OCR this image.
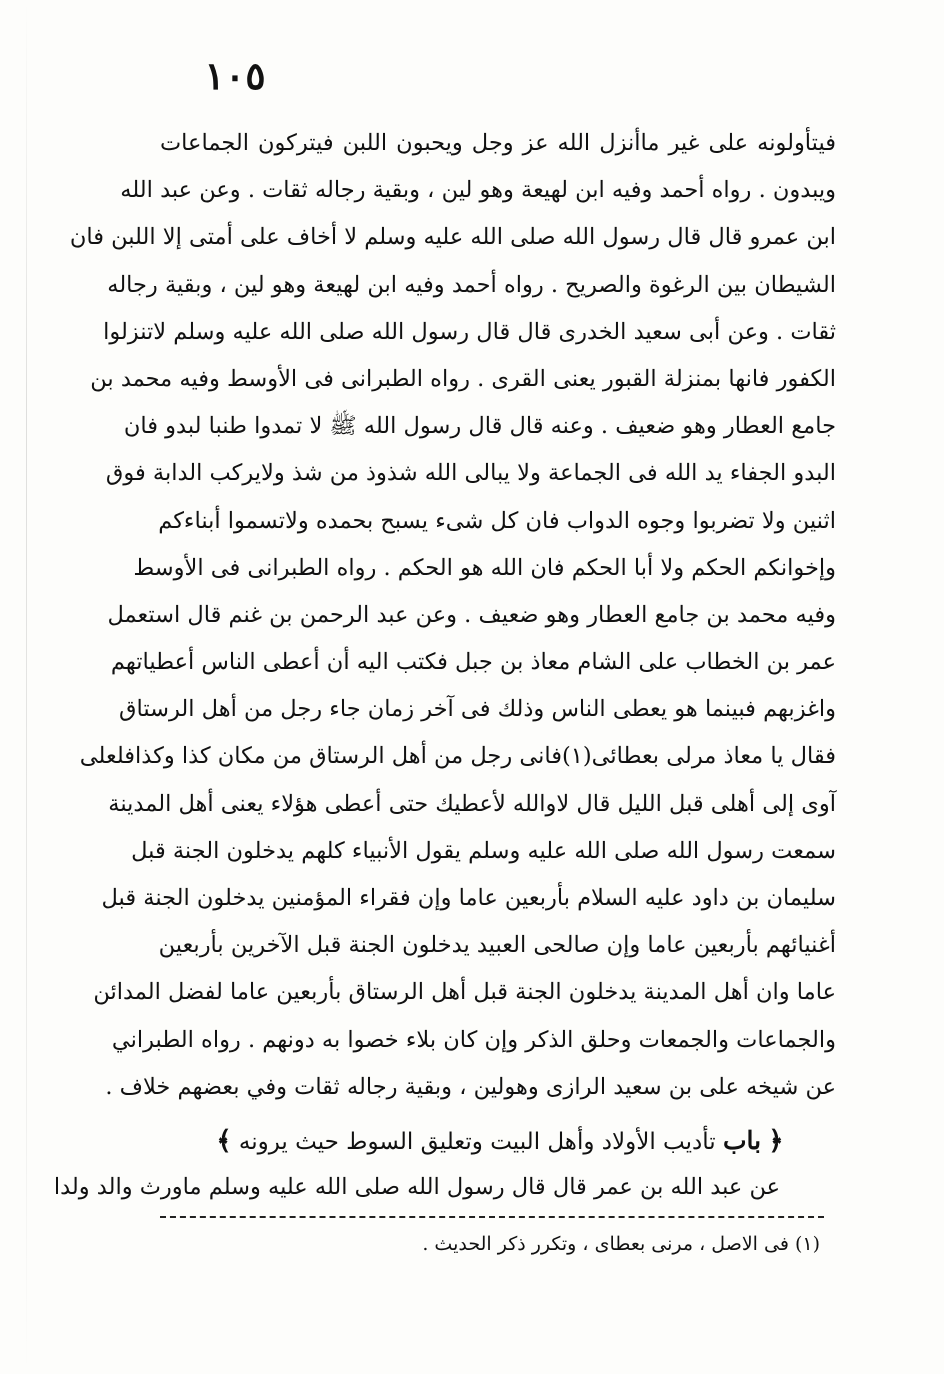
١٠٥
فيتأولونه على غير ماأنزل الله عز وجل ويحبون اللبن فيتركون الجماعات
ويبدون . رواه أحمد وفيه ابن لهيعة وهو لين ، وبقية رجاله ثقات . وعن عبد الله
ابن عمرو قال قال رسول الله صلى الله عليه وسلم لا أخاف على أمتى إلا اللبن فان
الشيطان بين الرغوة والصريح . رواه أحمد وفيه ابن لهيعة وهو لين ، وبقية رجاله
ثقات . وعن أبى سعيد الخدرى قال قال رسول الله صلى الله عليه وسلم لاتنزلوا
الكفور فانها بمنزلة القبور يعنى القرى . رواه الطبرانى فى الأوسط وفيه محمد بن
جامع العطار وهو ضعيف . وعنه قال قال رسول الله ﷺ لا تمدوا طنبا لبدو فان
البدو الجفاء يد الله فى الجماعة ولا يبالى الله شذوذ من شذ ولايركب الدابة فوق
اثنين ولا تضربوا وجوه الدواب فان كل شىء يسبح بحمده ولاتسموا أبناءكم
وإخوانكم الحكم ولا أبا الحكم فان الله هو الحكم . رواه الطبرانى فى الأوسط
وفيه محمد بن جامع العطار وهو ضعيف . وعن عبد الرحمن بن غنم قال استعمل
عمر بن الخطاب على الشام معاذ بن جبل فكتب اليه أن أعطى الناس أعطياتهم
واغزبهم فبينما هو يعطى الناس وذلك فى آخر زمان جاء رجل من أهل الرستاق
فقال يا معاذ مرلى بعطائى(١)فانى رجل من أهل الرستاق من مكان كذا وكذافلعلى
آوى إلى أهلى قبل الليل قال لاوالله لأعطيك حتى أعطى هؤلاء يعنى أهل المدينة
سمعت رسول الله صلى الله عليه وسلم يقول الأنبياء كلهم يدخلون الجنة قبل
سليمان بن داود عليه السلام بأربعين عاما وإن فقراء المؤمنين يدخلون الجنة قبل
أغنيائهم بأربعين عاما وإن صالحى العبيد يدخلون الجنة قبل الآخرين بأربعين
عاما وان أهل المدينة يدخلون الجنة قبل أهل الرستاق بأربعين عاما لفضل المدائن
والجماعات والجمعات وحلق الذكر وإن كان بلاء خصوا به دونهم . رواه الطبراني
عن شيخه على بن سعيد الرازى وهولين ، وبقية رجاله ثقات وفي بعضهم خلاف .
﴿ باب تأديب الأولاد وأهل البيت وتعليق السوط حيث يرونه ﴾
عن عبد الله بن عمر قال قال رسول الله صلى الله عليه وسلم ماورث والد ولدا
(١) فى الاصل ، مرنى بعطاى ، وتكرر ذكر الحديث .
